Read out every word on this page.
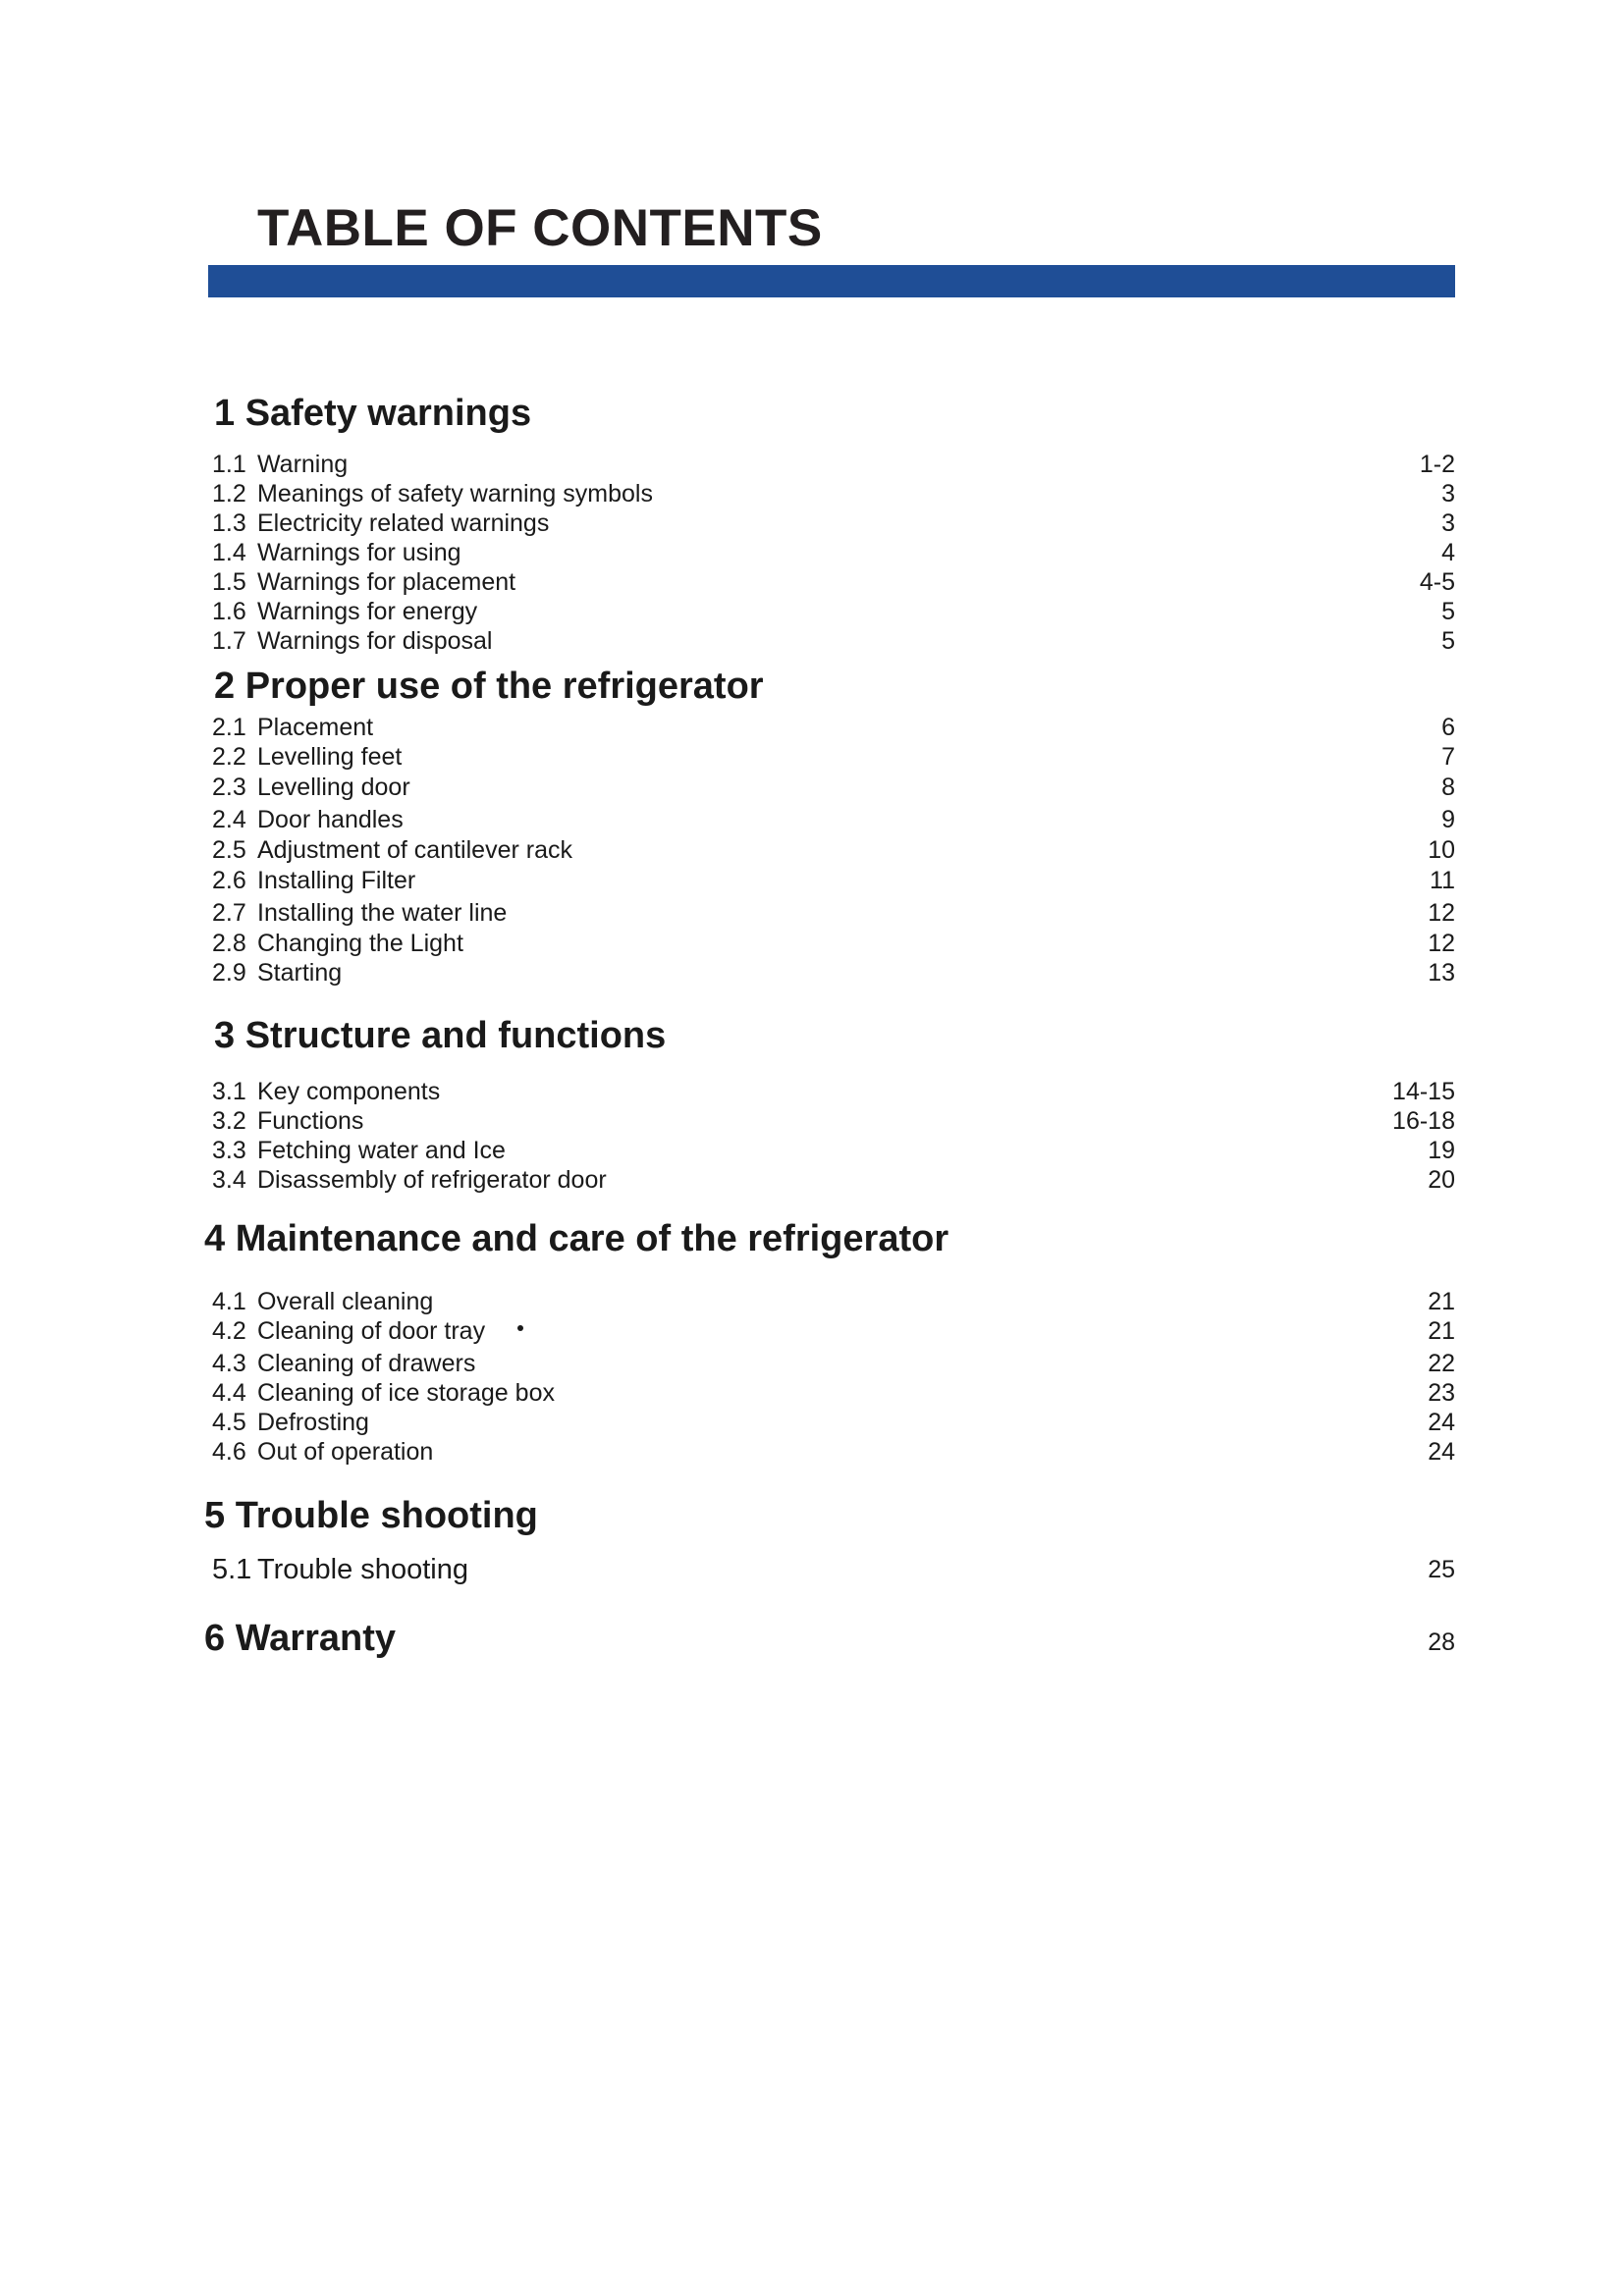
TABLE OF CONTENTS
1 Safety warnings
1.1 Warning	1-2
1.2 Meanings of safety warning symbols	3
1.3 Electricity related warnings	3
1.4 Warnings for using	4
1.5 Warnings for placement	4-5
1.6 Warnings for energy	5
1.7 Warnings for disposal	5
2 Proper use of the refrigerator
2.1 Placement	6
2.2 Levelling feet	7
2.3 Levelling door	8
2.4 Door handles	9
2.5 Adjustment of cantilever rack	10
2.6 Installing Filter	11
2.7 Installing the water line	12
2.8 Changing the Light	12
2.9 Starting	13
3 Structure and functions
3.1 Key components	14-15
3.2 Functions	16-18
3.3 Fetching water and Ice	19
3.4 Disassembly of refrigerator door	20
4 Maintenance and care of the refrigerator
4.1 Overall cleaning	21
4.2 Cleaning of door tray	21
4.3 Cleaning of drawers	22
4.4 Cleaning of ice storage box	23
4.5 Defrosting	24
4.6 Out of operation	24
5 Trouble shooting
5.1 Trouble shooting	25
6 Warranty	28
